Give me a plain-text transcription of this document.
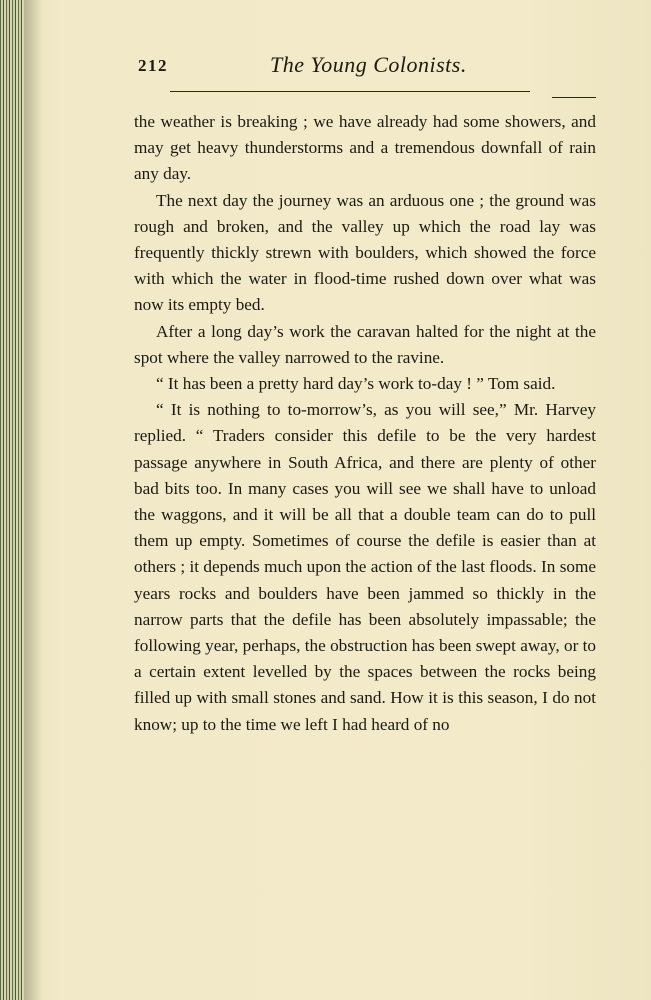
212	The Young Colonists.

the weather is breaking ; we have already had some showers, and may get heavy thunderstorms and a tremendous downfall of rain any day.

The next day the journey was an arduous one ; the ground was rough and broken, and the valley up which the road lay was frequently thickly strewn with boulders, which showed the force with which the water in flood-time rushed down over what was now its empty bed.

After a long day’s work the caravan halted for the night at the spot where the valley narrowed to the ravine.

“ It has been a pretty hard day’s work to-day ! ” Tom said.

“ It is nothing to to-morrow’s, as you will see,” Mr. Harvey replied. “ Traders consider this defile to be the very hardest passage anywhere in South Africa, and there are plenty of other bad bits too. In many cases you will see we shall have to unload the waggons, and it will be all that a double team can do to pull them up empty. Sometimes of course the defile is easier than at others ; it depends much upon the action of the last floods. In some years rocks and boulders have been jammed so thickly in the narrow parts that the defile has been absolutely impassable; the following year, perhaps, the obstruction has been swept away, or to a certain extent levelled by the spaces between the rocks being filled up with small stones and sand. How it is this season, I do not know; up to the time we left I had heard of no
